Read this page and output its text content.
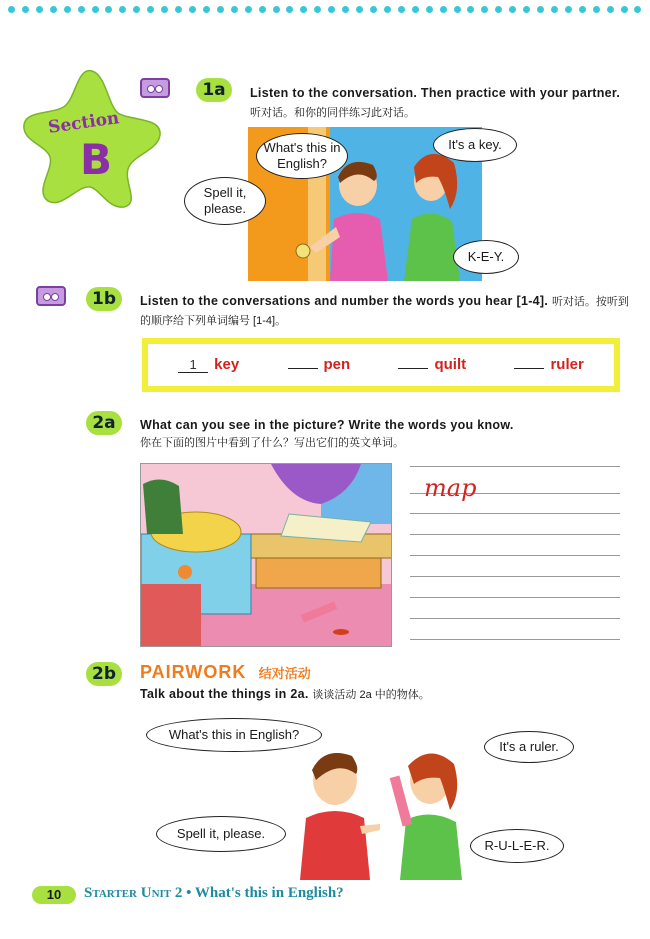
Section
B
1a	Listen to the conversation. Then practice with your partner. 听对话。和你的同伴练习此对话。
What's this in English?
It's a key.
Spell it, please.
K-E-Y.
1b	Listen to the conversations and number the words you hear [1-4]. 听对话。按听到的顺序给下列单词编号 [1-4]。
1 key	pen	quilt	ruler
2a	What can you see in the picture? Write the words you know.
你在下面的图片中看到了什么？写出它们的英文单词。
map
2b	PAIRWORK 结对活动
Talk about the things in 2a. 谈谈活动 2a 中的物体。
What's this in English?
It's a ruler.
Spell it, please.
R-U-L-E-R.
10	Starter Unit 2 • What's this in English?
